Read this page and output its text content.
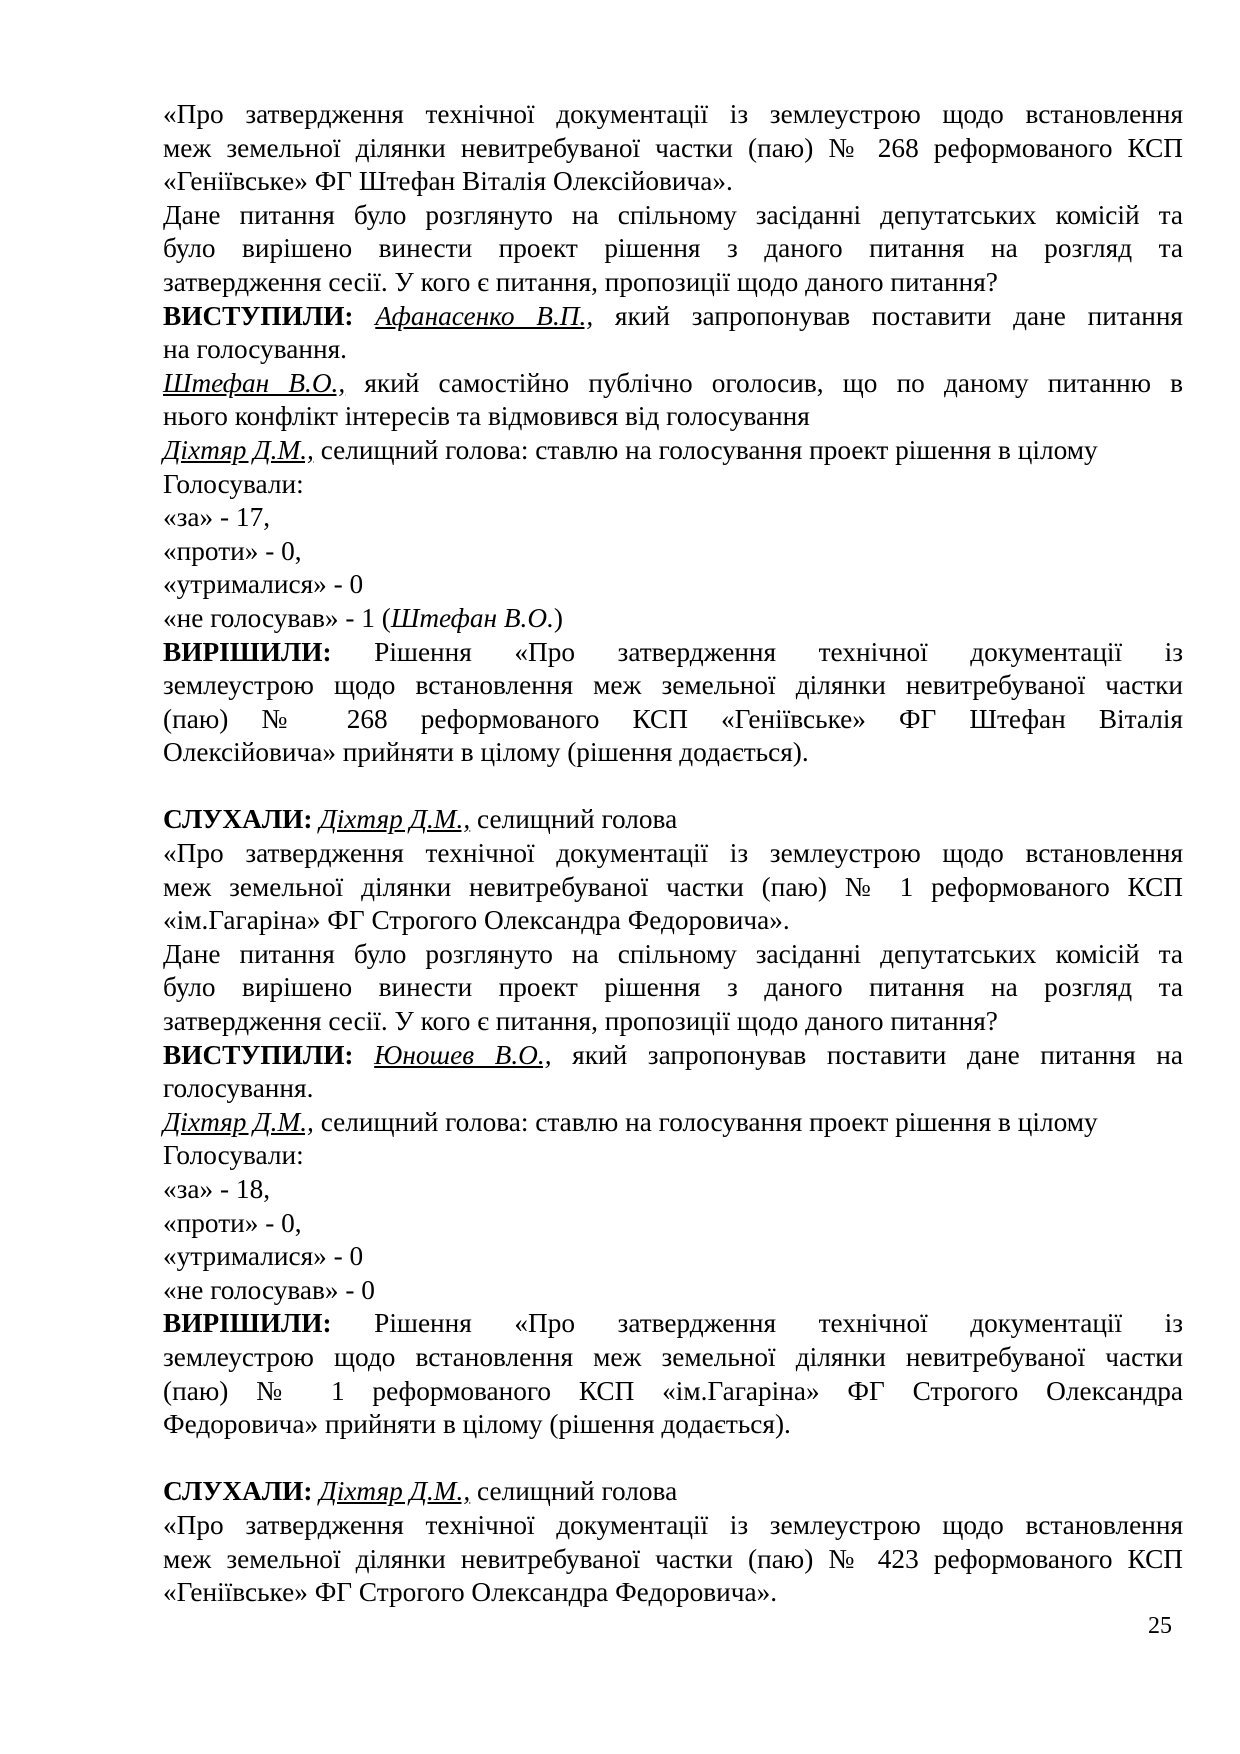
«Про затвердження технічної документації із землеустрою щодо встановлення

меж земельної ділянки невитребуваної частки (паю) № 268 реформованого КСП

«Геніївське» ФГ Штефан Віталія Олексійовича».

Дане питання було розглянуто на спільному засіданні депутатських комісій та

було вирішено винести проект рішення з даного питання на розгляд та

затвердження сесії. У кого є питання, пропозиції щодо даного питання?

ВИСТУПИЛИ: Афанасенко В.П., який запропонував поставити дане питання

на голосування.

Штефан В.О., який самостійно публічно оголосив, що по даному питанню в

нього конфлікт інтересів та відмовився від голосування

Діхтяр Д.М., селищний голова: ставлю на голосування проект рішення в цілому

Голосували:

«за» - 17,

«проти» - 0,

«утрималися» - 0

«не голосував» - 1 (Штефан В.О.)

ВИРІШИЛИ: Рішення «Про затвердження технічної документації із

землеустрою щодо встановлення меж земельної ділянки невитребуваної частки

(паю) № 268 реформованого КСП «Геніївське» ФГ Штефан Віталія

Олексійовича» прийняти в цілому (рішення додається).

СЛУХАЛИ: Діхтяр Д.М., селищний голова

«Про затвердження технічної документації із землеустрою щодо встановлення

меж земельної ділянки невитребуваної частки (паю) № 1 реформованого КСП

«ім.Гагаріна» ФГ Строгого Олександра Федоровича».

Дане питання було розглянуто на спільному засіданні депутатських комісій та

було вирішено винести проект рішення з даного питання на розгляд та

затвердження сесії. У кого є питання, пропозиції щодо даного питання?

ВИСТУПИЛИ: Юношев В.О., який запропонував поставити дане питання на

голосування.

Діхтяр Д.М., селищний голова: ставлю на голосування проект рішення в цілому

Голосували:

«за» - 18,

«проти» - 0,

«утрималися» - 0

«не голосував» - 0

ВИРІШИЛИ: Рішення «Про затвердження технічної документації із

землеустрою щодо встановлення меж земельної ділянки невитребуваної частки

(паю) № 1 реформованого КСП «ім.Гагаріна» ФГ Строгого Олександра

Федоровича» прийняти в цілому (рішення додається).

СЛУХАЛИ: Діхтяр Д.М., селищний голова

«Про затвердження технічної документації із землеустрою щодо встановлення

меж земельної ділянки невитребуваної частки (паю) № 423 реформованого КСП

«Геніївське» ФГ Строгого Олександра Федоровича».

25
